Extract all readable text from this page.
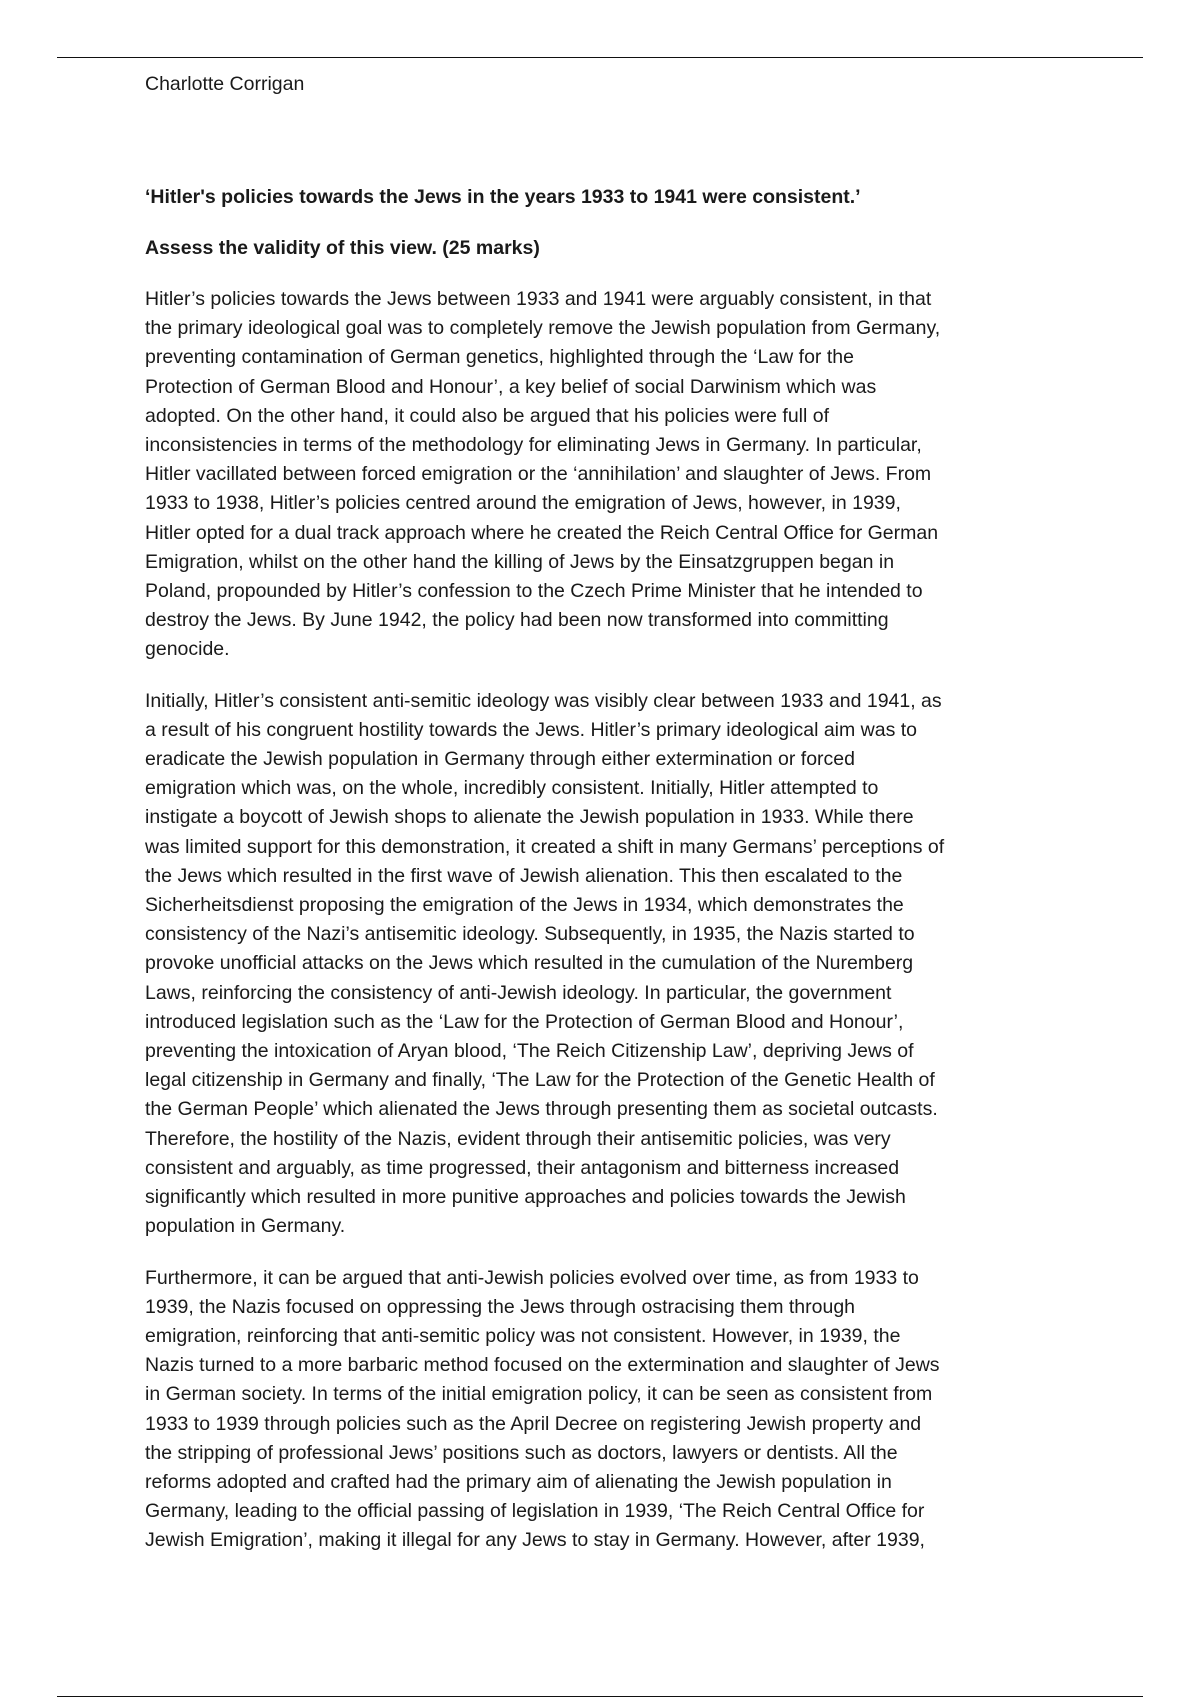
Charlotte Corrigan

‘Hitler's policies towards the Jews in the years 1933 to 1941 were consistent.’

Assess the validity of this view. (25 marks)

Hitler’s policies towards the Jews between 1933 and 1941 were arguably consistent, in that
the primary ideological goal was to completely remove the Jewish population from Germany,
preventing contamination of German genetics, highlighted through the ‘Law for the
Protection of German Blood and Honour’, a key belief of social Darwinism which was
adopted. On the other hand, it could also be argued that his policies were full of
inconsistencies in terms of the methodology for eliminating Jews in Germany. In particular,
Hitler vacillated between forced emigration or the ‘annihilation’ and slaughter of Jews. From
1933 to 1938, Hitler’s policies centred around the emigration of Jews, however, in 1939,
Hitler opted for a dual track approach where he created the Reich Central Office for German
Emigration, whilst on the other hand the killing of Jews by the Einsatzgruppen began in
Poland, propounded by Hitler’s confession to the Czech Prime Minister that he intended to
destroy the Jews. By June 1942, the policy had been now transformed into committing
genocide.

Initially, Hitler’s consistent anti-semitic ideology was visibly clear between 1933 and 1941, as
a result of his congruent hostility towards the Jews. Hitler’s primary ideological aim was to
eradicate the Jewish population in Germany through either extermination or forced
emigration which was, on the whole, incredibly consistent. Initially, Hitler attempted to
instigate a boycott of Jewish shops to alienate the Jewish population in 1933. While there
was limited support for this demonstration, it created a shift in many Germans’ perceptions of
the Jews which resulted in the first wave of Jewish alienation. This then escalated to the
Sicherheitsdienst proposing the emigration of the Jews in 1934, which demonstrates the
consistency of the Nazi’s antisemitic ideology. Subsequently, in 1935, the Nazis started to
provoke unofficial attacks on the Jews which resulted in the cumulation of the Nuremberg
Laws, reinforcing the consistency of anti-Jewish ideology. In particular, the government
introduced legislation such as the ‘Law for the Protection of German Blood and Honour’,
preventing the intoxication of Aryan blood, ‘The Reich Citizenship Law’, depriving Jews of
legal citizenship in Germany and finally, ‘The Law for the Protection of the Genetic Health of
the German People’ which alienated the Jews through presenting them as societal outcasts.
Therefore, the hostility of the Nazis, evident through their antisemitic policies, was very
consistent and arguably, as time progressed, their antagonism and bitterness increased
significantly which resulted in more punitive approaches and policies towards the Jewish
population in Germany.

Furthermore, it can be argued that anti-Jewish policies evolved over time, as from 1933 to
1939, the Nazis focused on oppressing the Jews through ostracising them through
emigration, reinforcing that anti-semitic policy was not consistent. However, in 1939, the
Nazis turned to a more barbaric method focused on the extermination and slaughter of Jews
in German society. In terms of the initial emigration policy, it can be seen as consistent from
1933 to 1939 through policies such as the April Decree on registering Jewish property and
the stripping of professional Jews’ positions such as doctors, lawyers or dentists. All the
reforms adopted and crafted had the primary aim of alienating the Jewish population in
Germany, leading to the official passing of legislation in 1939, ‘The Reich Central Office for
Jewish Emigration’, making it illegal for any Jews to stay in Germany. However, after 1939,
